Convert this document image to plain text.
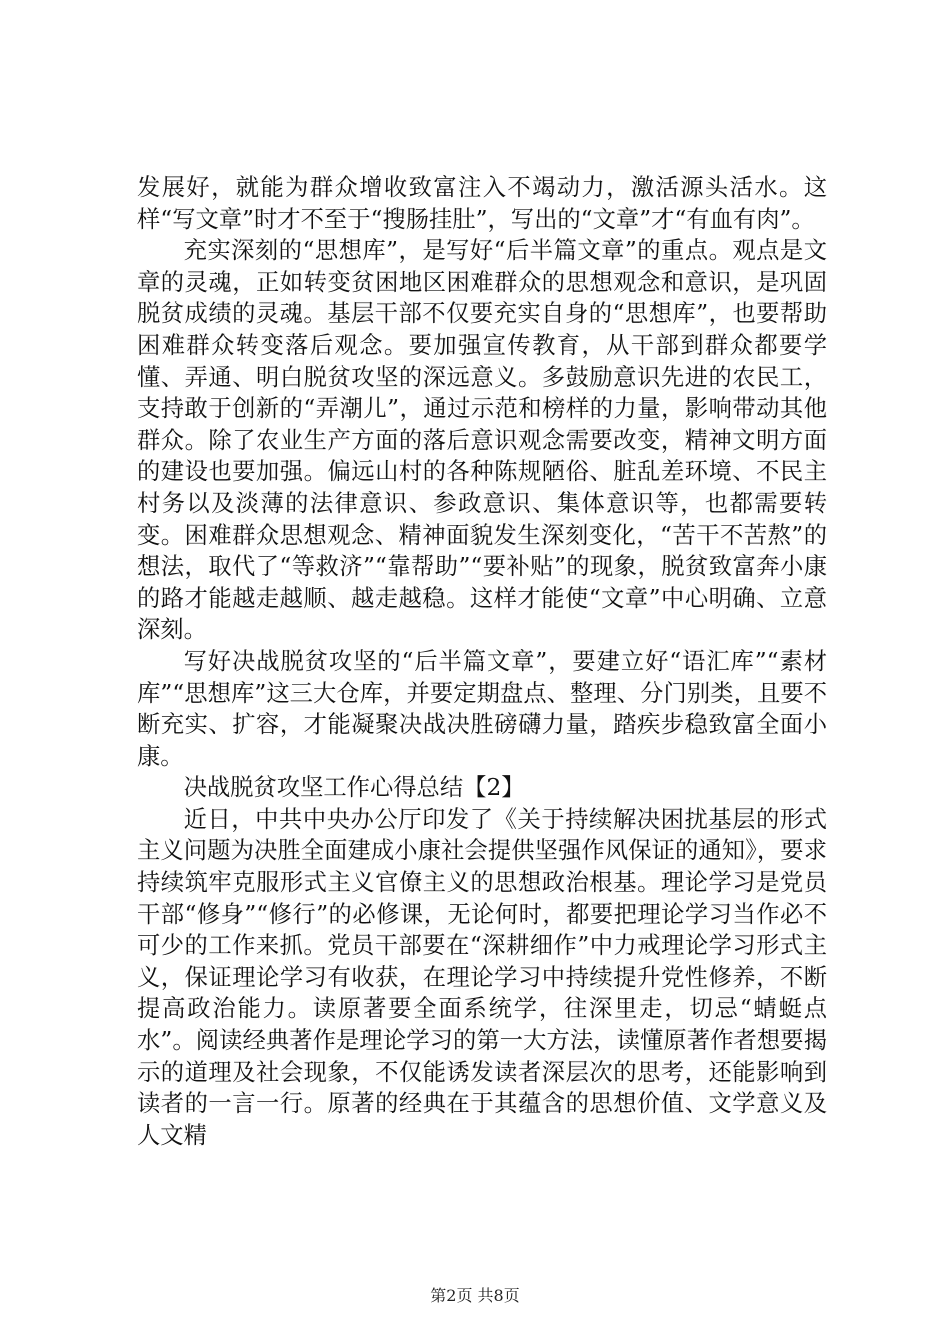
发展好，就能为群众增收致富注入不竭动力，激活源头活水。这样“写文章”时才不至于“搜肠挂肚”，写出的“文章”才“有血有肉”。

充实深刻的“思想库”，是写好“后半篇文章”的重点。观点是文章的灵魂，正如转变贫困地区困难群众的思想观念和意识，是巩固脱贫成绩的灵魂。基层干部不仅要充实自身的“思想库”，也要帮助困难群众转变落后观念。要加强宣传教育，从干部到群众都要学懂、弄通、明白脱贫攻坚的深远意义。多鼓励意识先进的农民工，支持敢于创新的“弄潮儿”，通过示范和榜样的力量，影响带动其他群众。除了农业生产方面的落后意识观念需要改变，精神文明方面的建设也要加强。偏远山村的各种陈规陋俗、脏乱差环境、不民主村务以及淡薄的法律意识、参政意识、集体意识等，也都需要转变。困难群众思想观念、精神面貌发生深刻变化，“苦干不苦熬”的想法，取代了“等救济”“靠帮助”“要补贴”的现象，脱贫致富奔小康的路才能越走越顺、越走越稳。这样才能使“文章”中心明确、立意深刻。

写好决战脱贫攻坚的“后半篇文章”，要建立好“语汇库”“素材库”“思想库”这三大仓库，并要定期盘点、整理、分门别类，且要不断充实、扩容，才能凝聚决战决胜磅礴力量，踏疾步稳致富全面小康。

决战脱贫攻坚工作心得总结【2】

近日，中共中央办公厅印发了《关于持续解决困扰基层的形式主义问题为决胜全面建成小康社会提供坚强作风保证的通知》，要求持续筑牢克服形式主义官僚主义的思想政治根基。理论学习是党员干部“修身”“修行”的必修课，无论何时，都要把理论学习当作必不可少的工作来抓。党员干部要在“深耕细作”中力戒理论学习形式主义，保证理论学习有收获，在理论学习中持续提升党性修养，不断提高政治能力。读原著要全面系统学，往深里走，切忌“蜻蜓点水”。阅读经典著作是理论学习的第一大方法，读懂原著作者想要揭示的道理及社会现象，不仅能诱发读者深层次的思考，还能影响到读者的一言一行。原著的经典在于其蕴含的思想价值、文学意义及人文精

第2页 共8页
